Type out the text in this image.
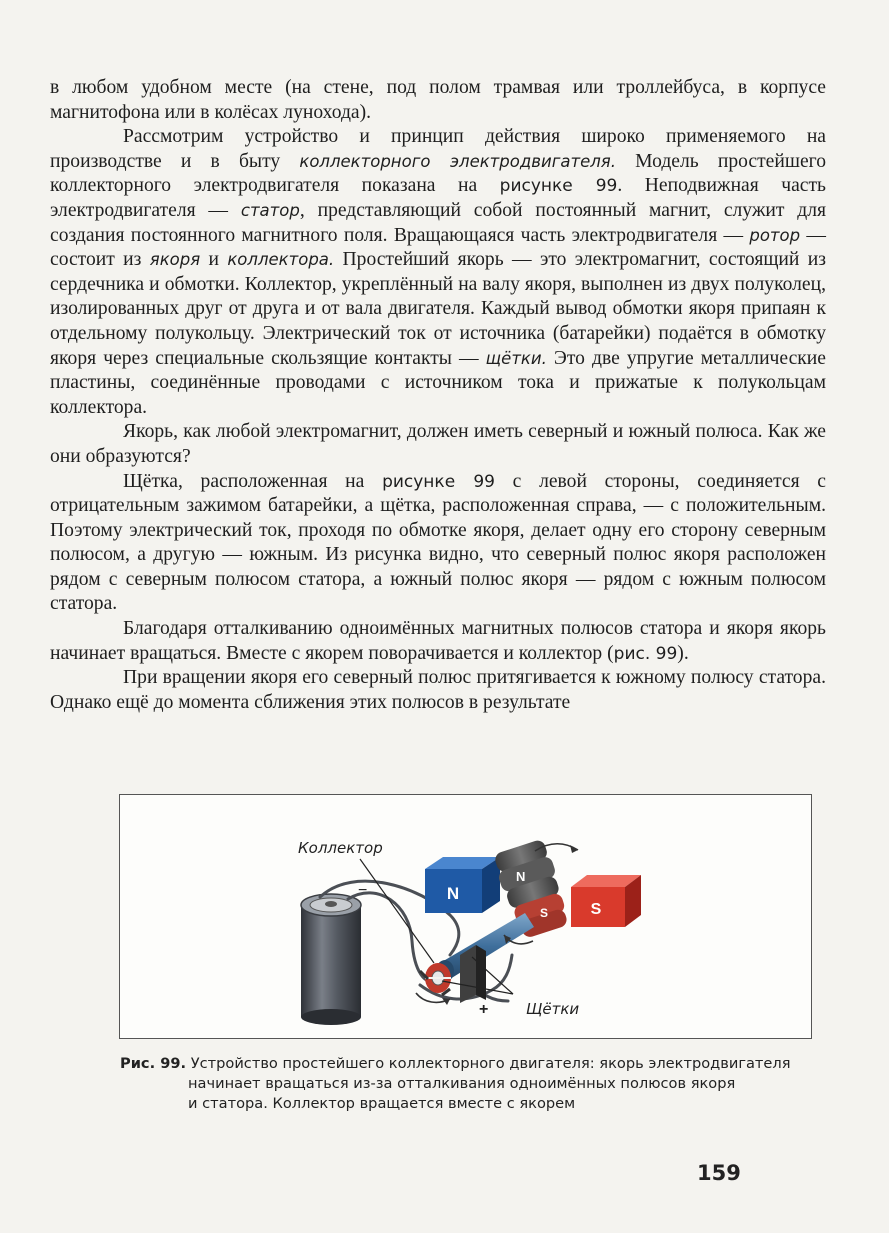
в любом удобном месте (на стене, под полом трамвая или троллейбуса, в корпусе магнитофона или в колёсах лунохода).

Рассмотрим устройство и принцип действия широко применяемого на производстве и в быту коллекторного электродвигателя. Модель простейшего коллекторного электродвигателя показана на рисунке 99. Неподвижная часть электродвигателя — статор, представляющий собой постоянный магнит, служит для создания постоянного магнитного поля. Вращающаяся часть электродвигателя — ротор — состоит из якоря и коллектора. Простейший якорь — это электромагнит, состоящий из сердечника и обмотки. Коллектор, укреплённый на валу якоря, выполнен из двух полуколец, изолированных друг от друга и от вала двигателя. Каждый вывод обмотки якоря припаян к отдельному полукольцу. Электрический ток от источника (батарейки) подаётся в обмотку якоря через специальные скользящие контакты — щётки. Это две упругие металлические пластины, соединённые проводами с источником тока и прижатые к полукольцам коллектора.

Якорь, как любой электромагнит, должен иметь северный и южный полюса. Как же они образуются?

Щётка, расположенная на рисунке 99 с левой стороны, соединяется с отрицательным зажимом батарейки, а щётка, расположенная справа, — с положительным. Поэтому электрический ток, проходя по обмотке якоря, делает одну его сторону северным полюсом, а другую — южным. Из рисунка видно, что северный полюс якоря расположен рядом с северным полюсом статора, а южный полюс якоря — рядом с южным полюсом статора.

Благодаря отталкиванию одноимённых магнитных полюсов статора и якоря якорь начинает вращаться. Вместе с якорем поворачивается и коллектор (рис. 99).

При вращении якоря его северный полюс притягивается к южному полюсу статора. Однако ещё до момента сближения этих полюсов в результате

N
S
N
S
−
+
Коллектор
Щётки
Рис. 99. Устройство простейшего коллекторного двигателя: якорь электродвигателя
начинает вращаться из-за отталкивания одноимённых полюсов якоря
и статора. Коллектор вращается вместе с якорем
159
